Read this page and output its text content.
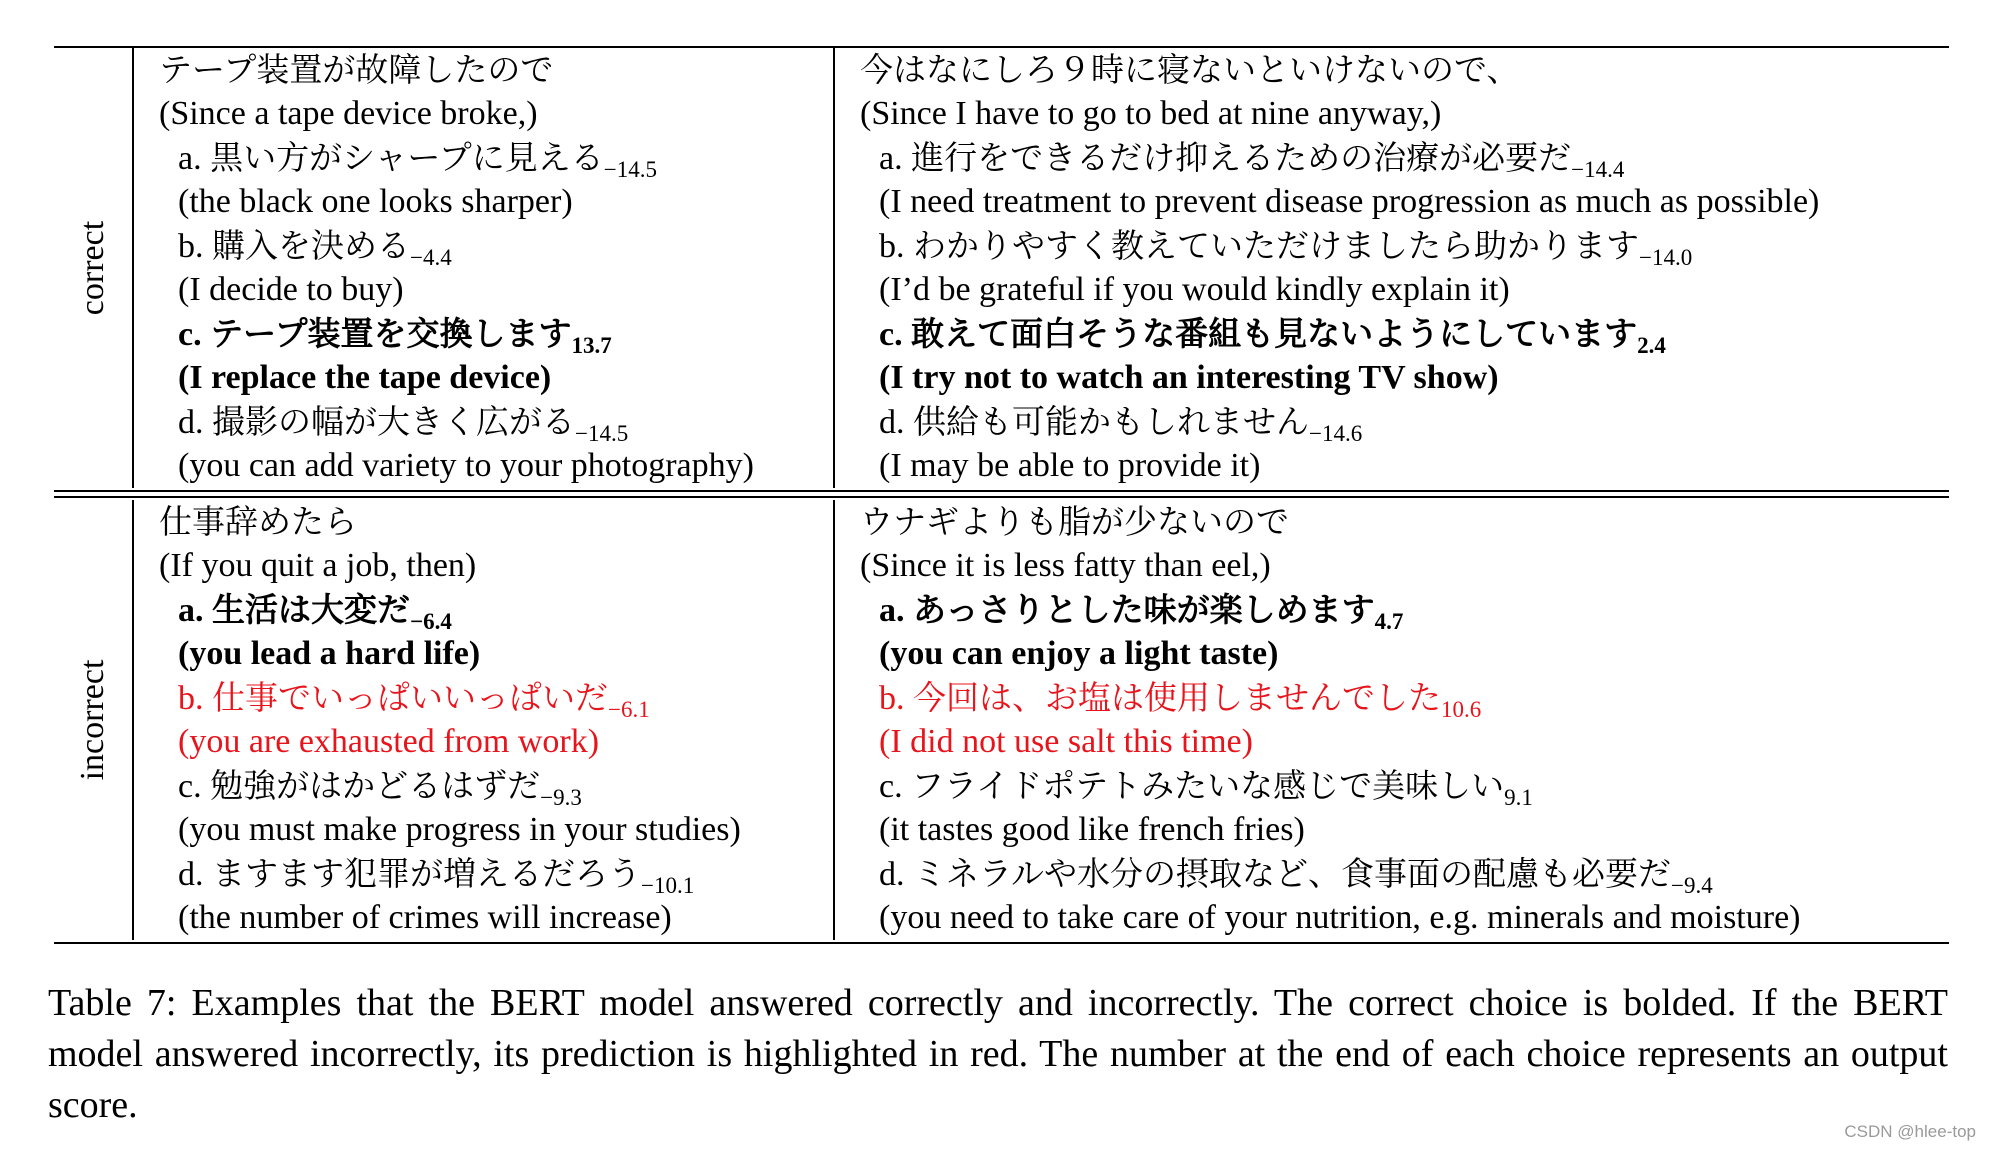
correct
テープ装置が故障したので
(Since a tape device broke,)
a. 黒い方がシャープに見える$_{-14.5}$
(the black one looks sharper)
b. 購入を決める$_{-4.4}$
(I decide to buy)
c. テープ装置を交換します$_{13.7}$
(I replace the tape device)
d. 撮影の幅が大きく広がる$_{-14.5}$
(you can add variety to your photography)
今はなにしろ９時に寝ないといけないので、
(Since I have to go to bed at nine anyway,)
a. 進行をできるだけ抑えるための治療が必要だ$_{-14.4}$
(I need treatment to prevent disease progression as much as possible)
b. わかりやすく教えていただけましたら助かります$_{-14.0}$
(I’d be grateful if you would kindly explain it)
c. 敢えて面白そうな番組も見ないようにしています$_{2.4}$
(I try not to watch an interesting TV show)
d. 供給も可能かもしれません$_{-14.6}$
(I may be able to provide it)
incorrect
仕事辞めたら
(If you quit a job, then)
a. 生活は大変だ$_{-6.4}$
(you lead a hard life)
b. 仕事でいっぱいいっぱいだ$_{-6.1}$
(you are exhausted from work)
c. 勉強がはかどるはずだ$_{-9.3}$
(you must make progress in your studies)
d. ますます犯罪が増えるだろう$_{-10.1}$
(the number of crimes will increase)
ウナギよりも脂が少ないので
(Since it is less fatty than eel,)
a. あっさりとした味が楽しめます$_{4.7}$
(you can enjoy a light taste)
b. 今回は、お塩は使用しませんでした$_{10.6}$
(I did not use salt this time)
c. フライドポテトみたいな感じで美味しい$_{9.1}$
(it tastes good like french fries)
d. ミネラルや水分の摂取など、食事面の配慮も必要だ$_{-9.4}$
(you need to take care of your nutrition, e.g. minerals and moisture)
Table 7: Examples that the BERT model answered correctly and incorrectly. The correct choice is bolded. If the BERT model answered incorrectly, its prediction is highlighted in red. The number at the end of each choice represents an output score.
CSDN @hlee-top
